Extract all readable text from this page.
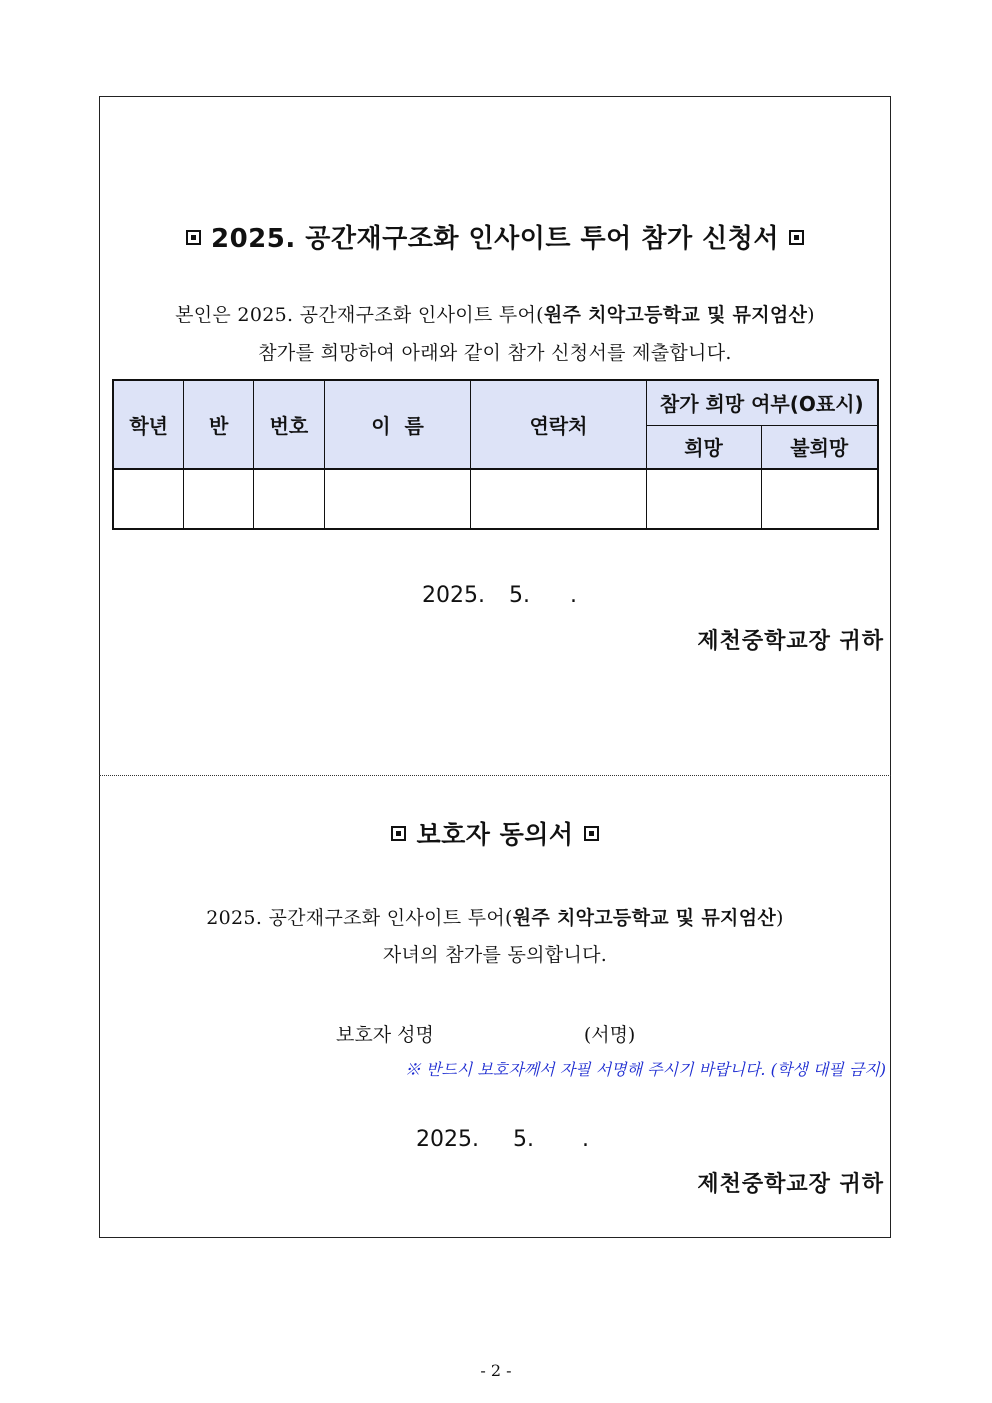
2025. 공간재구조화 인사이트 투어 참가 신청서
본인은 2025. 공간재구조화 인사이트 투어(원주 치악고등학교 및 뮤지엄산)
참가를 희망하여 아래와 같이 참가 신청서를 제출합니다.
학년	반	번호	이  름	연락처	참가 희망 여부(O표시)	
					희망	불희망

2025. 5. .
제천중학교장 귀하
보호자 동의서
2025. 공간재구조화 인사이트 투어(원주 치악고등학교 및 뮤지엄산)
자녀의 참가를 동의합니다.
보호자 성명	(서명)
※ 반드시 보호자께서 자필 서명해 주시기 바랍니다. (학생 대필 금지)
2025. 5. .
제천중학교장 귀하
- 2 -
